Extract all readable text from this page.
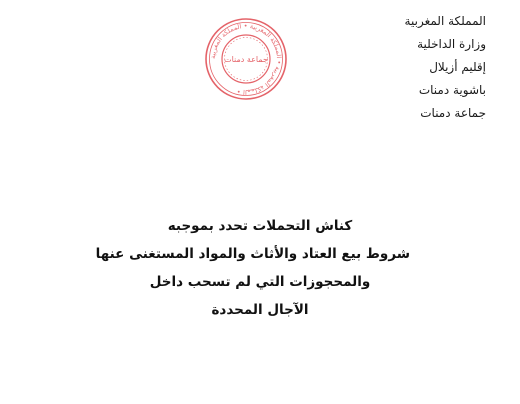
المملكة المغربية
وزارة الداخلية
إقليم أزيلال
باشوية دمنات
جماعة دمنات
المملكة المغربية • المملكة المغربية • المملكة المغربية •
جماعة دمنات
كناش التحملات تحدد بموجبه
شروط بيع العتاد والأثاث والمواد المستغنى عنها
والمحجوزات التي لم تسحب داخل
الآجال المحددة
